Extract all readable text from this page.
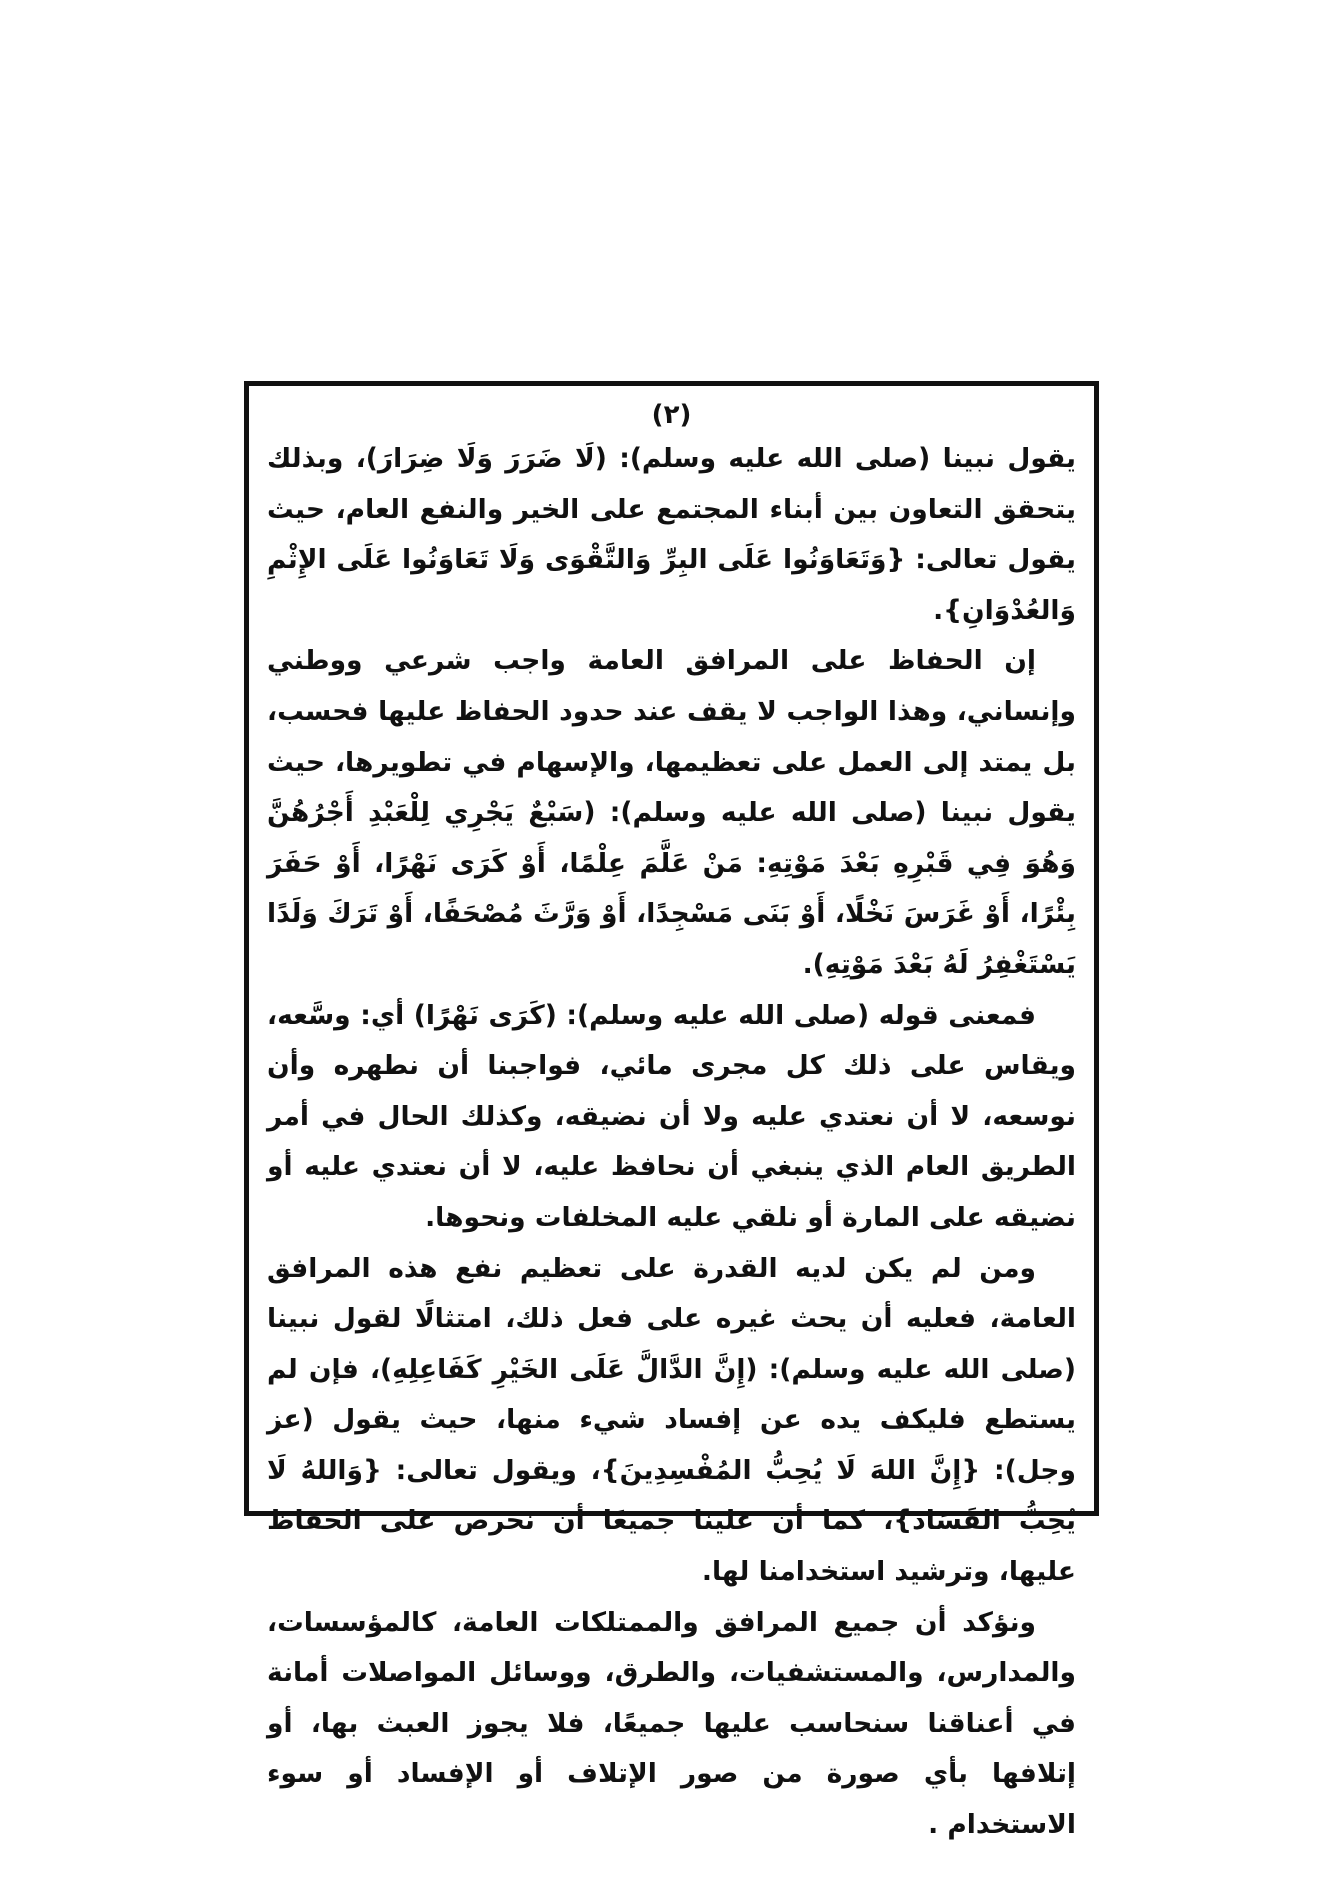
(٢)

يقول نبينا (صلى الله عليه وسلم): (لَا ضَرَرَ وَلَا ضِرَارَ)، وبذلك يتحقق التعاون بين أبناء المجتمع على الخير والنفع العام، حيث يقول تعالى: {وَتَعَاوَنُوا عَلَى البِرِّ وَالتَّقْوَى وَلَا تَعَاوَنُوا عَلَى الإِثْمِ وَالعُدْوَانِ}.

إن الحفاظ على المرافق العامة واجب شرعي ووطني وإنساني، وهذا الواجب لا يقف عند حدود الحفاظ عليها فحسب، بل يمتد إلى العمل على تعظيمها، والإسهام في تطويرها، حيث يقول نبينا (صلى الله عليه وسلم): (سَبْعٌ يَجْرِي لِلْعَبْدِ أَجْرُهُنَّ وَهُوَ فِي قَبْرِهِ بَعْدَ مَوْتِهِ: مَنْ عَلَّمَ عِلْمًا، أَوْ كَرَى نَهْرًا، أَوْ حَفَرَ بِئْرًا، أَوْ غَرَسَ نَخْلًا، أَوْ بَنَى مَسْجِدًا، أَوْ وَرَّثَ مُصْحَفًا، أَوْ تَرَكَ وَلَدًا يَسْتَغْفِرُ لَهُ بَعْدَ مَوْتِهِ).

فمعنى قوله (صلى الله عليه وسلم): (كَرَى نَهْرًا) أي: وسَّعه، ويقاس على ذلك كل مجرى مائي، فواجبنا أن نطهره وأن نوسعه، لا أن نعتدي عليه ولا أن نضيقه، وكذلك الحال في أمر الطريق العام الذي ينبغي أن نحافظ عليه، لا أن نعتدي عليه أو نضيقه على المارة أو نلقي عليه المخلفات ونحوها.

ومن لم يكن لديه القدرة على تعظيم نفع هذه المرافق العامة، فعليه أن يحث غيره على فعل ذلك، امتثالًا لقول نبينا (صلى الله عليه وسلم): (إِنَّ الدَّالَّ عَلَى الخَيْرِ كَفَاعِلِهِ)، فإن لم يستطع فليكف يده عن إفساد شيء منها، حيث يقول (عز وجل): {إِنَّ اللهَ لَا يُحِبُّ المُفْسِدِينَ}، ويقول تعالى: {وَاللهُ لَا يُحِبُّ الفَسَادَ}، كما أن علينا جميعًا أن نحرص على الحفاظ عليها، وترشيد استخدامنا لها.

ونؤكد أن جميع المرافق والممتلكات العامة، كالمؤسسات، والمدارس، والمستشفيات، والطرق، ووسائل المواصلات أمانة في أعناقنا سنحاسب عليها جميعًا، فلا يجوز العبث بها، أو إتلافها بأي صورة من صور الإتلاف أو الإفساد أو سوء الاستخدام .
